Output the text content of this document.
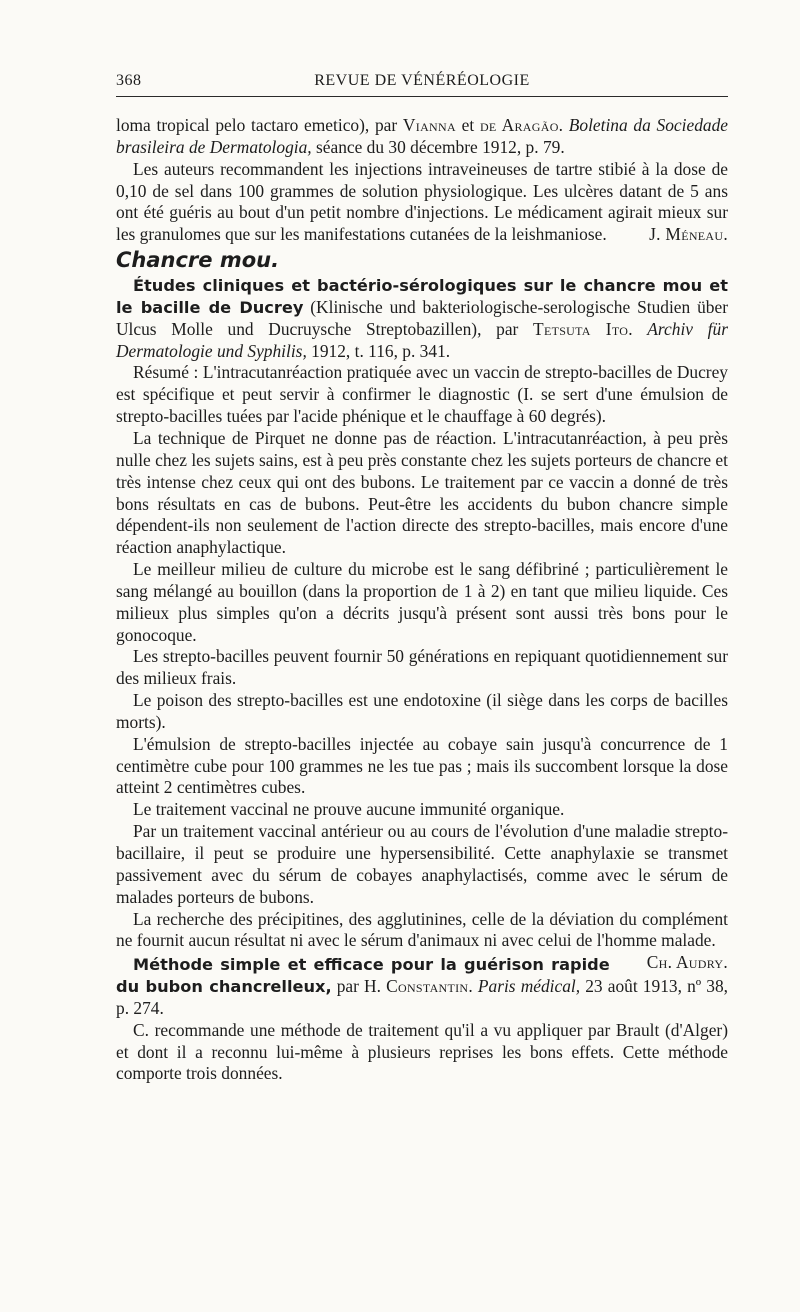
368	REVUE DE VÉNÉRÉOLOGIE

loma tropical pelo tactaro emetico), par Vianna et de Aragão. Boletina da Sociedade brasileira de Dermatologia, séance du 30 décembre 1912, p. 79.

Les auteurs recommandent les injections intraveineuses de tartre stibié à la dose de 0,10 de sel dans 100 grammes de solution physiologique. Les ulcères datant de 5 ans ont été guéris au bout d'un petit nombre d'injections. Le médicament agirait mieux sur les granulomes que sur les manifestations cutanées de la leishmaniose.	J. Méneau.

Chancre mou.

Études cliniques et bactério-sérologiques sur le chancre mou et le bacille de Ducrey (Klinische und bakteriologische-serologische Studien über Ulcus Molle und Ducruysche Streptobazillen), par Tetsuta Ito. Archiv für Dermatologie und Syphilis, 1912, t. 116, p. 341.

Résumé : L'intracutanréaction pratiquée avec un vaccin de strepto-bacilles de Ducrey est spécifique et peut servir à confirmer le diagnostic (I. se sert d'une émulsion de strepto-bacilles tuées par l'acide phénique et le chauffage à 60 degrés).

La technique de Pirquet ne donne pas de réaction. L'intracutanréaction, à peu près nulle chez les sujets sains, est à peu près constante chez les sujets porteurs de chancre et très intense chez ceux qui ont des bubons. Le traitement par ce vaccin a donné de très bons résultats en cas de bubons. Peut-être les accidents du bubon chancre simple dépendent-ils non seulement de l'action directe des strepto-bacilles, mais encore d'une réaction anaphylactique.

Le meilleur milieu de culture du microbe est le sang défibriné ; particulièrement le sang mélangé au bouillon (dans la proportion de 1 à 2) en tant que milieu liquide. Ces milieux plus simples qu'on a décrits jusqu'à présent sont aussi très bons pour le gonocoque.

Les strepto-bacilles peuvent fournir 50 générations en repiquant quotidiennement sur des milieux frais.

Le poison des strepto-bacilles est une endotoxine (il siège dans les corps de bacilles morts).

L'émulsion de strepto-bacilles injectée au cobaye sain jusqu'à concurrence de 1 centimètre cube pour 100 grammes ne les tue pas ; mais ils succombent lorsque la dose atteint 2 centimètres cubes.

Le traitement vaccinal ne prouve aucune immunité organique.

Par un traitement vaccinal antérieur ou au cours de l'évolution d'une maladie strepto-bacillaire, il peut se produire une hypersensibilité. Cette anaphylaxie se transmet passivement avec du sérum de cobayes anaphylactisés, comme avec le sérum de malades porteurs de bubons.

La recherche des précipitines, des agglutinines, celle de la déviation du complément ne fournit aucun résultat ni avec le sérum d'animaux ni avec celui de l'homme malade.
Ch. Audry.

Méthode simple et efficace pour la guérison rapide du bubon chancrelleux, par H. Constantin. Paris médical, 23 août 1913, nº 38, p. 274.

C. recommande une méthode de traitement qu'il a vu appliquer par Brault (d'Alger) et dont il a reconnu lui-même à plusieurs reprises les bons effets. Cette méthode comporte trois données.
